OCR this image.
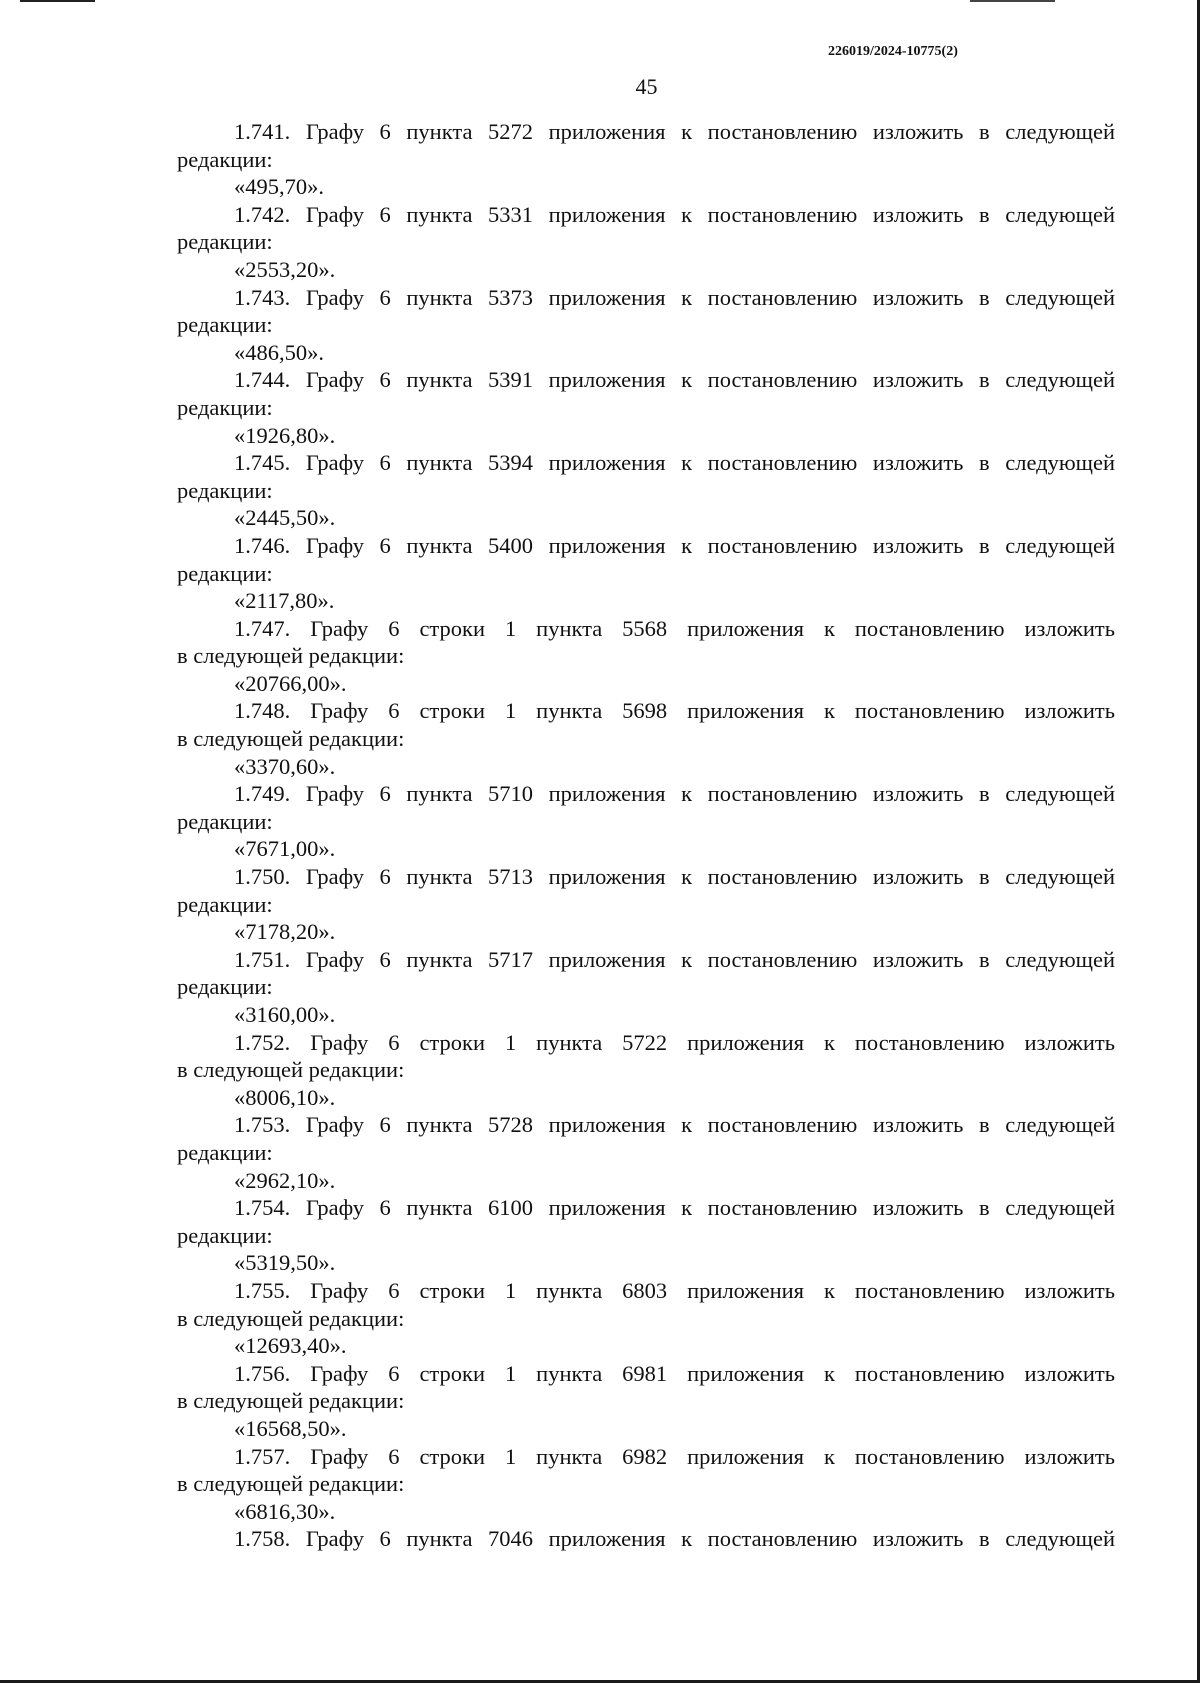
226019/2024-10775(2)
45
1.741. Графу 6 пункта 5272 приложения к постановлению изложить в следующей
редакции:
«495,70».
1.742. Графу 6 пункта 5331 приложения к постановлению изложить в следующей
редакции:
«2553,20».
1.743. Графу 6 пункта 5373 приложения к постановлению изложить в следующей
редакции:
«486,50».
1.744. Графу 6 пункта 5391 приложения к постановлению изложить в следующей
редакции:
«1926,80».
1.745. Графу 6 пункта 5394 приложения к постановлению изложить в следующей
редакции:
«2445,50».
1.746. Графу 6 пункта 5400 приложения к постановлению изложить в следующей
редакции:
«2117,80».
1.747. Графу 6 строки 1 пункта 5568 приложения к постановлению изложить
в следующей редакции:
«20766,00».
1.748. Графу 6 строки 1 пункта 5698 приложения к постановлению изложить
в следующей редакции:
«3370,60».
1.749. Графу 6 пункта 5710 приложения к постановлению изложить в следующей
редакции:
«7671,00».
1.750. Графу 6 пункта 5713 приложения к постановлению изложить в следующей
редакции:
«7178,20».
1.751. Графу 6 пункта 5717 приложения к постановлению изложить в следующей
редакции:
«3160,00».
1.752. Графу 6 строки 1 пункта 5722 приложения к постановлению изложить
в следующей редакции:
«8006,10».
1.753. Графу 6 пункта 5728 приложения к постановлению изложить в следующей
редакции:
«2962,10».
1.754. Графу 6 пункта 6100 приложения к постановлению изложить в следующей
редакции:
«5319,50».
1.755. Графу 6 строки 1 пункта 6803 приложения к постановлению изложить
в следующей редакции:
«12693,40».
1.756. Графу 6 строки 1 пункта 6981 приложения к постановлению изложить
в следующей редакции:
«16568,50».
1.757. Графу 6 строки 1 пункта 6982 приложения к постановлению изложить
в следующей редакции:
«6816,30».
1.758. Графу 6 пункта 7046 приложения к постановлению изложить в следующей
